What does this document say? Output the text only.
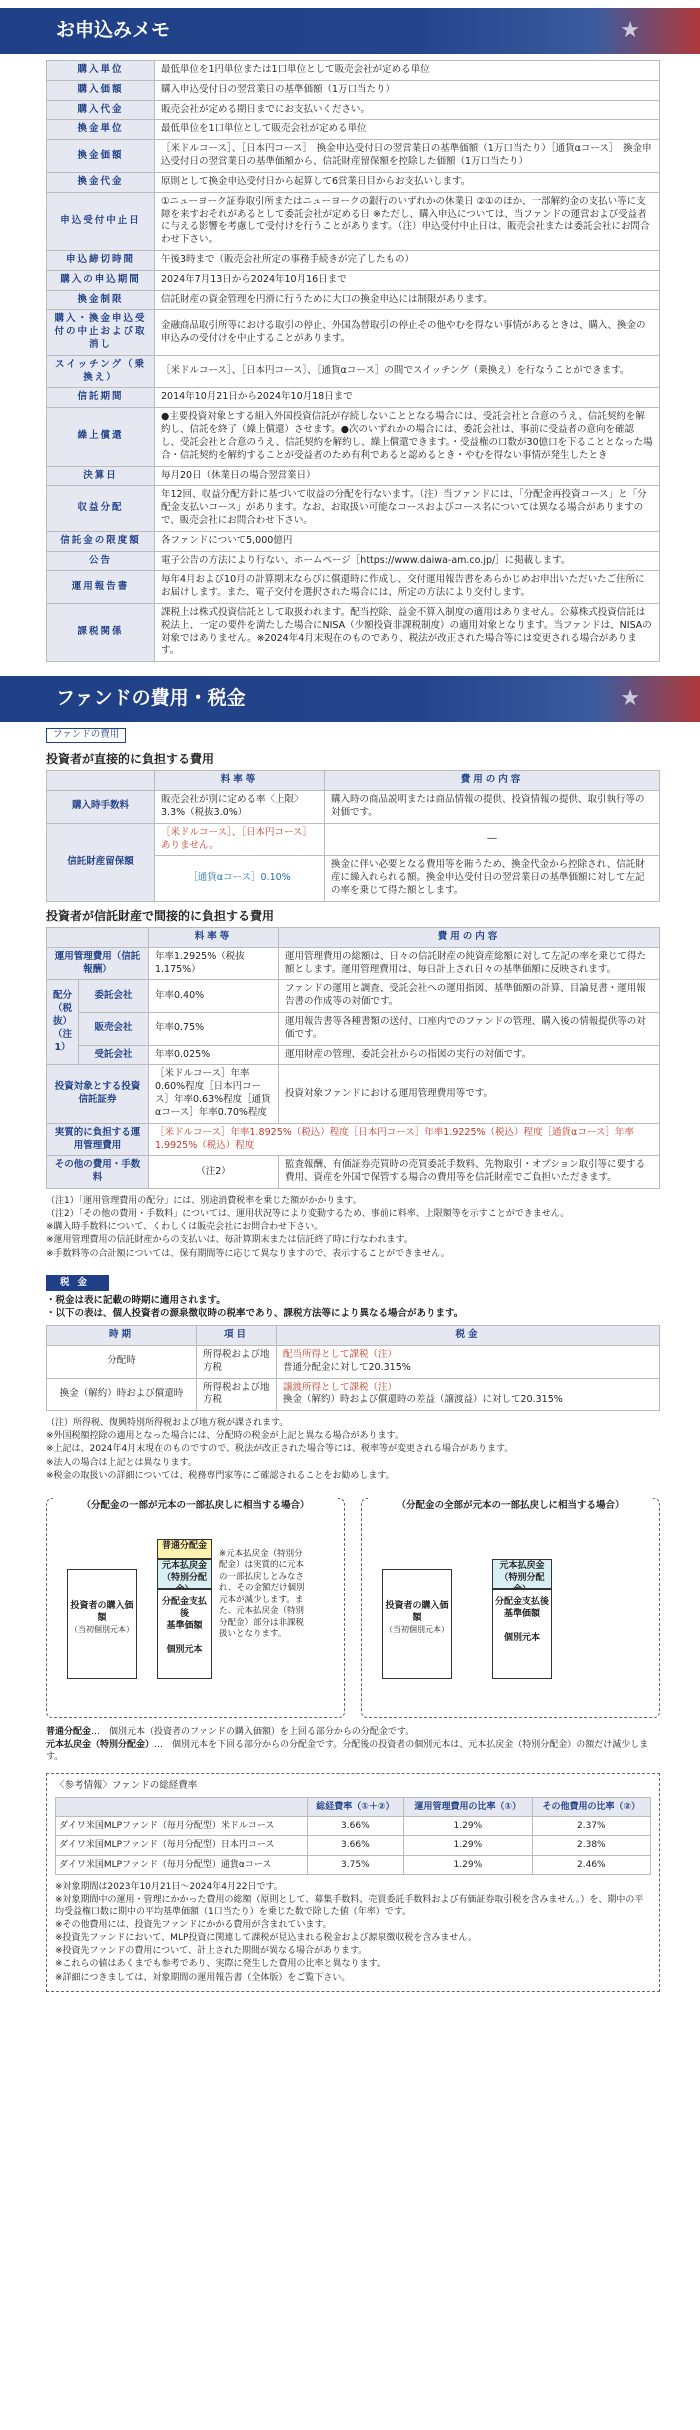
お申込みメモ	★
購入単位	最低単位を1円単位または1口単位として販売会社が定める単位
購入価額	購入申込受付日の翌営業日の基準価額（1万口当たり）
購入代金	販売会社が定める期日までにお支払いください。
換金単位	最低単位を1口単位として販売会社が定める単位
換金価額	［米ドルコース］、［日本円コース］　換金申込受付日の翌営業日の基準価額（1万口当たり）［通貨αコース］　換金申込受付日の翌営業日の基準価額から、信託財産留保額を控除した価額（1万口当たり）
換金代金	原則として換金申込受付日から起算して6営業日目からお支払いします。
申込受付中止日	①ニューヨーク証券取引所またはニューヨークの銀行のいずれかの休業日 ②①のほか、一部解約金の支払い等に支障を来すおそれがあるとして委託会社が定める日 ※ただし、購入申込については、当ファンドの運営および受益者に与える影響を考慮して受付けを行うことがあります。（注）申込受付中止日は、販売会社または委託会社にお問合わせ下さい。
申込締切時間	午後3時まで（販売会社所定の事務手続きが完了したもの）
購入の申込期間	2024年7月13日から2024年10月16日まで
換金制限	信託財産の資金管理を円滑に行うために大口の換金申込には制限があります。
購入・換金申込受付の中止および取消し	金融商品取引所等における取引の停止、外国為替取引の停止その他やむを得ない事情があるときは、購入、換金の申込みの受付けを中止することがあります。
スイッチング（乗換え）	［米ドルコース］、［日本円コース］、［通貨αコース］の間でスイッチング（乗換え）を行なうことができます。
信託期間	2014年10月21日から2024年10月18日まで
繰上償還	●主要投資対象とする組入外国投資信託が存続しないこととなる場合には、受託会社と合意のうえ、信託契約を解約し、信託を終了（繰上償還）させます。●次のいずれかの場合には、委託会社は、事前に受益者の意向を確認し、受託会社と合意のうえ、信託契約を解約し、繰上償還できます。・受益権の口数が30億口を下ることとなった場合・信託契約を解約することが受益者のため有利であると認めるとき・やむを得ない事情が発生したとき
決算日	毎月20日（休業日の場合翌営業日）
収益分配	年12回、収益分配方針に基づいて収益の分配を行ないます。（注）当ファンドには、「分配金再投資コース」と「分配金支払いコース」があります。なお、お取扱い可能なコースおよびコース名については異なる場合がありますので、販売会社にお問合わせ下さい。
信託金の限度額	各ファンドについて5,000億円
公告	電子公告の方法により行ない、ホームページ［https://www.daiwa-am.co.jp/］に掲載します。
運用報告書	毎年4月および10月の計算期末ならびに償還時に作成し、交付運用報告書をあらかじめお申出いただいたご住所にお届けします。また、電子交付を選択された場合には、所定の方法により交付します。
課税関係	課税上は株式投資信託として取扱われます。配当控除、益金不算入制度の適用はありません。公募株式投資信託は税法上、一定の要件を満たした場合にNISA（少額投資非課税制度）の適用対象となります。当ファンドは、NISAの対象ではありません。※2024年4月末現在のものであり、税法が改正された場合等には変更される場合があります。
ファンドの費用・税金	★
ファンドの費用
投資者が直接的に負担する費用
	料率等	費用の内容
購入時手数料	販売会社が別に定める率〈上限〉3.3%（税抜3.0%）	購入時の商品説明または商品情報の提供、投資情報の提供、取引執行等の対価です。
信託財産留保額	［米ドルコース］、［日本円コース］ありません。	―
	［通貨αコース］0.10%	換金に伴い必要となる費用等を賄うため、換金代金から控除され、信託財産に繰入れられる額。換金申込受付日の翌営業日の基準価額に対して左記の率を乗じて得た額とします。
投資者が信託財産で間接的に負担する費用
		料率等	費用の内容
運用管理費用（信託報酬）		年率1.2925%（税抜1.175%）	運用管理費用の総額は、日々の信託財産の純資産総額に対して左記の率を乗じて得た額とします。運用管理費用は、毎日計上され日々の基準価額に反映されます。
配分（税抜）（注1）	委託会社	年率0.40%	ファンドの運用と調査、受託会社への運用指図、基準価額の計算、目論見書・運用報告書の作成等の対価です。
	販売会社	年率0.75%	運用報告書等各種書類の送付、口座内でのファンドの管理、購入後の情報提供等の対価です。
	受託会社	年率0.025%	運用財産の管理、委託会社からの指図の実行の対価です。
投資対象とする投資信託証券		［米ドルコース］年率0.60%程度［日本円コース］年率0.63%程度［通貨αコース］年率0.70%程度	投資対象ファンドにおける運用管理費用等です。
実質的に負担する運用管理費用		［米ドルコース］年率1.8925%（税込）程度［日本円コース］年率1.9225%（税込）程度［通貨αコース］年率1.9925%（税込）程度	
その他の費用・手数料		（注2）	監査報酬、有価証券売買時の売買委託手数料、先物取引・オプション取引等に要する費用、資産を外国で保管する場合の費用等を信託財産でご負担いただきます。
（注1）「運用管理費用の配分」には、別途消費税率を乗じた額がかかります。
（注2）「その他の費用・手数料」については、運用状況等により変動するため、事前に料率、上限額等を示すことができません。
※購入時手数料について、くわしくは販売会社にお問合わせ下さい。
※運用管理費用の信託財産からの支払いは、毎計算期末または信託終了時に行なわれます。
※手数料等の合計額については、保有期間等に応じて異なりますので、表示することができません。
税金
・税金は表に記載の時期に適用されます。
・以下の表は、個人投資者の源泉徴収時の税率であり、課税方法等により異なる場合があります。
時期	項目	税金
分配時	所得税および地方税	配当所得として課税（注）
普通分配金に対して20.315%
換金（解約）時および償還時	所得税および地方税	譲渡所得として課税（注）
換金（解約）時および償還時の差益（譲渡益）に対して20.315%
（注）所得税、復興特別所得税および地方税が課されます。
※外国税額控除の適用となった場合には、分配時の税金が上記と異なる場合があります。
※上記は、2024年4月末現在のものですので、税法が改正された場合等には、税率等が変更される場合があります。
※法人の場合は上記とは異なります。
※税金の取扱いの詳細については、税務専門家等にご確認されることをお勧めします。
（分配金の一部が元本の一部払戻しに相当する場合）
投資者の購入価額
（当初個別元本）
普通分配金
元本払戻金（特別分配
分配金支払後
基準価額

個別元本
※元本払戻金（特別分配金）は実質的に元本の一部払戻しとみなされ、その金額だけ個別元本が減少します。また、元本払戻金（特別分配金）部分は非課税扱いとなります。
（分配金の全部が元本の一部払戻しに相当する場合）
投資者の購入価額
（当初個別元本）
元本払戻金（特別分配
分配金支払後
基準価額

個別元本
普通分配金…　個別元本（投資者のファンドの購入価額）を上回る部分からの分配金です。
元本払戻金（特別分配金）…　個別元本を下回る部分からの分配金です。分配後の投資者の個別元本は、元本払戻金（特別分配金）の額だけ減少します。
〈参考情報〉ファンドの総経費率
	総経費率（①＋②）	運用管理費用の比率（①）	その他費用の比率（②）
ダイワ米国MLPファンド（毎月分配型）米ドルコース	3.66%	1.29%	2.37%
ダイワ米国MLPファンド（毎月分配型）日本円コース	3.66%	1.29%	2.38%
ダイワ米国MLPファンド（毎月分配型）通貨αコース	3.75%	1.29%	2.46%
※対象期間は2023年10月21日〜2024年4月22日です。
※対象期間中の運用・管理にかかった費用の総額（原則として、募集手数料、売買委託手数料および有価証券取引税を含みません。）を、期中の平均受益権口数に期中の平均基準価額（1口当たり）を乗じた数で除した値（年率）です。
※その他費用には、投資先ファンドにかかる費用が含まれています。
※投資先ファンドにおいて、MLP投資に関連して課税が見込まれる税金および源泉徴収税を含みません。
※投資先ファンドの費用について、計上された期間が異なる場合があります。
※これらの値はあくまでも参考であり、実際に発生した費用の比率と異なります。
※詳細につきましては、対象期間の運用報告書（全体版）をご覧下さい。
